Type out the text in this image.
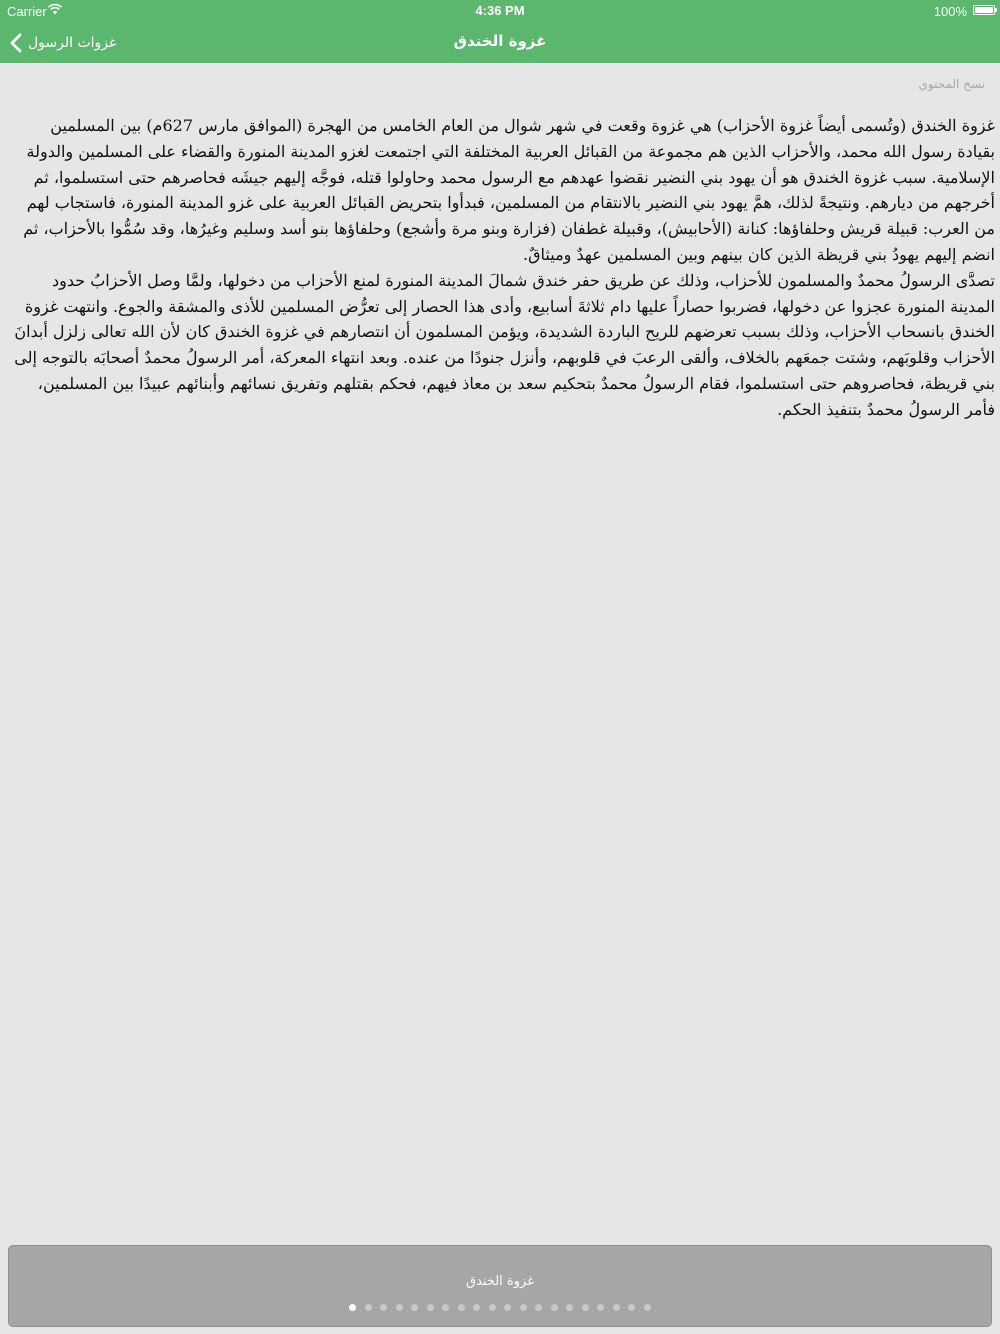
Carrier	4:36 PM	100%
غزوات الرسول	غزوة الخندق
نسخ المحتوي

غزوة الخندق (وتُسمى أيضاً غزوة الأحزاب) هي غزوة وقعت في شهر شوال من العام الخامس من الهجرة (الموافق مارس 627م) بين المسلمين بقيادة رسول الله محمد، والأحزاب الذين هم مجموعة من القبائل العربية المختلفة التي اجتمعت لغزو المدينة المنورة والقضاء على المسلمين والدولة الإسلامية. سبب غزوة الخندق هو أن يهود بني النضير نقضوا عهدهم مع الرسول محمد وحاولوا قتله، فوجَّه إليهم جيشَه فحاصرهم حتى استسلموا، ثم أخرجهم من ديارهم. ونتيجةً لذلك، همَّ يهود بني النضير بالانتقام من المسلمين، فبدأوا بتحريض القبائل العربية على غزو المدينة المنورة، فاستجاب لهم من العرب: قبيلة قريش وحلفاؤها: كنانة (الأحابيش)، وقبيلة غطفان (فزارة وبنو مرة وأشجع) وحلفاؤها بنو أسد وسليم وغيرُها، وقد سُمُّوا بالأحزاب، ثم انضم إليهم يهودُ بني قريظة الذين كان بينهم وبين المسلمين عهدٌ وميثاقٌ.

تصدَّى الرسولُ محمدٌ والمسلمون للأحزاب، وذلك عن طريق حفر خندق شمالَ المدينة المنورة لمنع الأحزاب من دخولها، ولمَّا وصل الأحزابُ حدود المدينة المنورة عجزوا عن دخولها، فضربوا حصاراً عليها دام ثلاثةَ أسابيع، وأدى هذا الحصار إلى تعرُّض المسلمين للأذى والمشقة والجوع. وانتهت غزوة الخندق بانسحاب الأحزاب، وذلك بسبب تعرضهم للريح الباردة الشديدة، ويؤمن المسلمون أن انتصارهم في غزوة الخندق كان لأن الله تعالى زلزل أبدانَ الأحزاب وقلوبَهم، وشتت جمعَهم بالخلاف، وألقى الرعبَ في قلوبهم، وأنزل جنودًا من عنده. وبعد انتهاء المعركة، أمر الرسولُ محمدٌ أصحابَه بالتوجه إلى بني قريظة، فحاصروهم حتى استسلموا، فقام الرسولُ محمدٌ بتحكيم سعد بن معاذ فيهم، فحكم بقتلهم وتفريق نسائهم وأبنائهم عبيدًا بين المسلمين، فأمر الرسولُ محمدٌ بتنفيذ الحكم.

غزوة الخندق
